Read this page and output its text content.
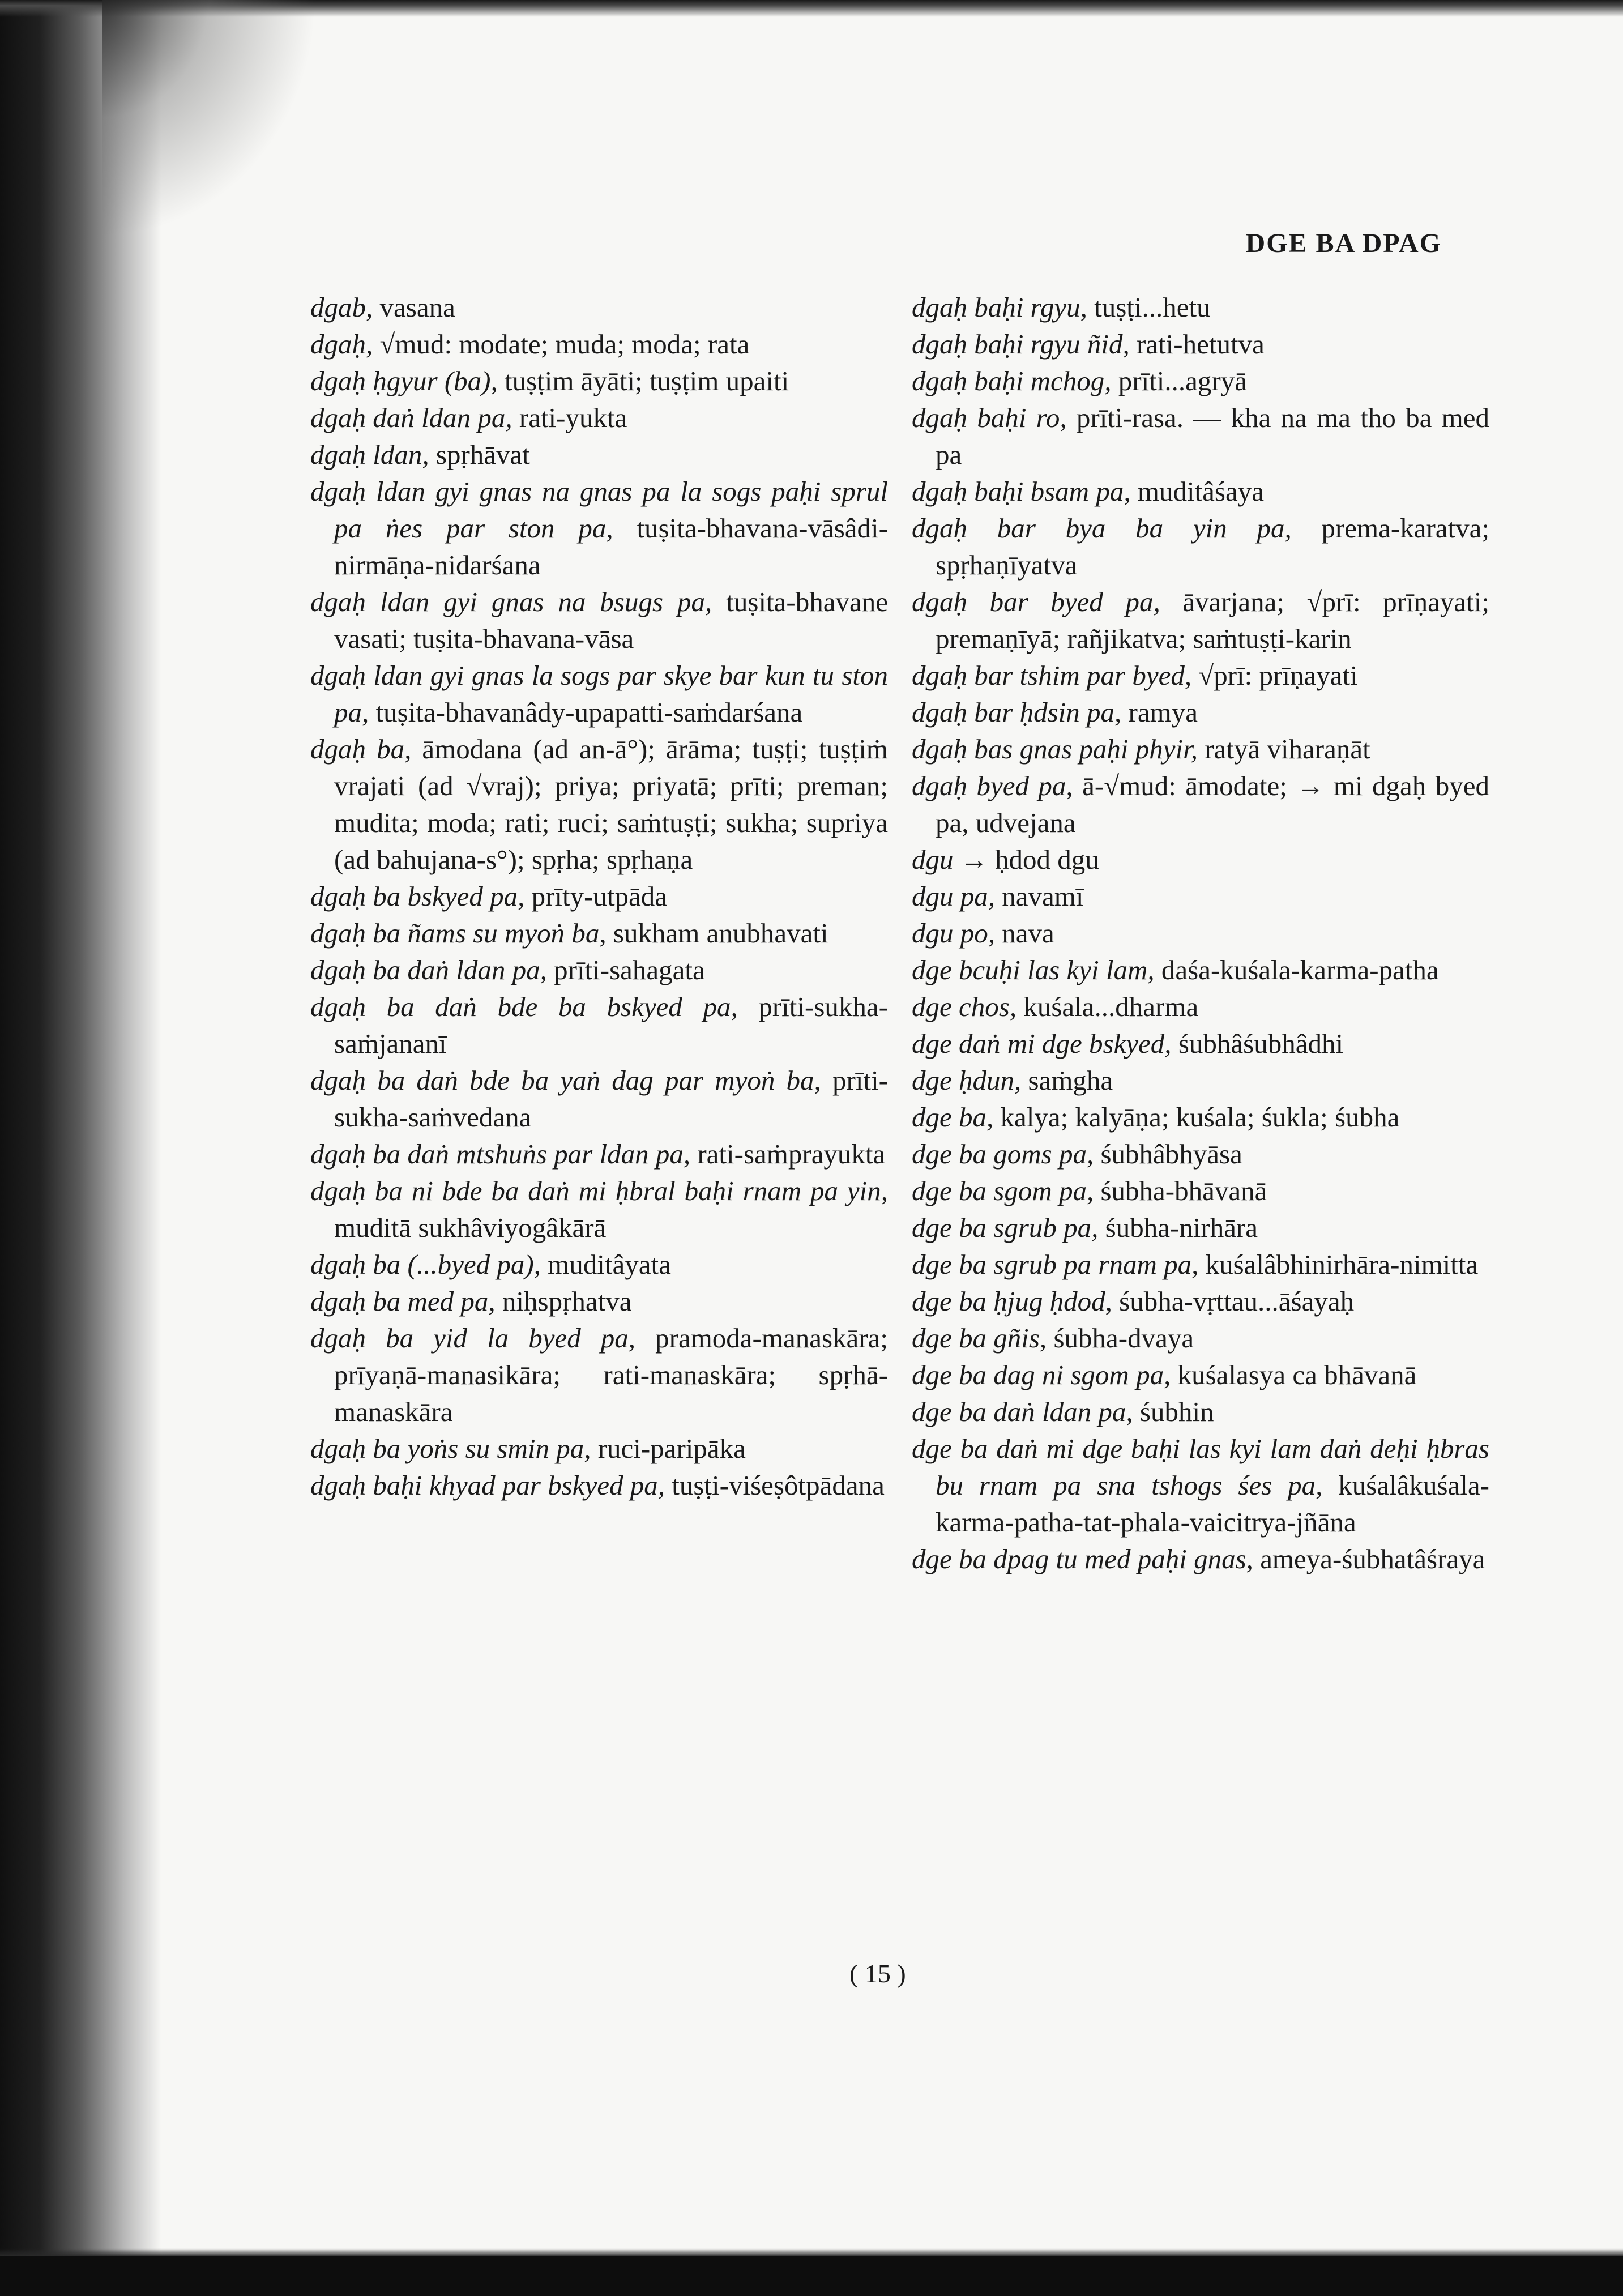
DGE BA DPAG

dgab, vasana

dgaḥ, √mud: modate; muda; moda; rata

dgaḥ ḥgyur (ba), tuṣṭim āyāti; tuṣṭim upaiti

dgaḥ daṅ ldan pa, rati-yukta

dgaḥ ldan, spṛhāvat

dgaḥ ldan gyi gnas na gnas pa la sogs paḥi sprul pa ṅes par ston pa, tuṣita-bhavana-vāsâdi-nirmāṇa-nidarśana

dgaḥ ldan gyi gnas na bsugs pa, tuṣita-bhavane vasati; tuṣita-bhavana-vāsa

dgaḥ ldan gyi gnas la sogs par skye bar kun tu ston pa, tuṣita-bhavanâdy-upapatti-saṁdarśana

dgaḥ ba, āmodana (ad an-ā°); ārāma; tuṣṭi; tuṣṭiṁ vrajati (ad √vraj); priya; priyatā; prīti; preman; mudita; moda; rati; ruci; saṁtuṣṭi; sukha; supriya (ad bahujana-s°); spṛha; spṛhaṇa

dgaḥ ba bskyed pa, prīty-utpāda

dgaḥ ba ñams su myoṅ ba, sukham anubhavati

dgaḥ ba daṅ ldan pa, prīti-sahagata

dgaḥ ba daṅ bde ba bskyed pa, prīti-sukha-saṁjananī

dgaḥ ba daṅ bde ba yaṅ dag par myoṅ ba, prīti-sukha-saṁvedana

dgaḥ ba daṅ mtshuṅs par ldan pa, rati-saṁprayukta

dgaḥ ba ni bde ba daṅ mi ḥbral baḥi rnam pa yin, muditā sukhâviyogâkārā

dgaḥ ba (...byed pa), muditâyata

dgaḥ ba med pa, niḥspṛhatva

dgaḥ ba yid la byed pa, pramoda-manaskāra; prīyaṇā-manasikāra; rati-manaskāra; spṛhā-manaskāra

dgaḥ ba yoṅs su smin pa, ruci-paripāka

dgaḥ baḥi khyad par bskyed pa, tuṣṭi-viśeṣôtpādana

dgaḥ baḥi rgyu, tuṣṭi...hetu

dgaḥ baḥi rgyu ñid, rati-hetutva

dgaḥ baḥi mchog, prīti...agryā

dgaḥ baḥi ro, prīti-rasa. — kha na ma tho ba med pa

dgaḥ baḥi bsam pa, muditâśaya

dgaḥ bar bya ba yin pa, prema-karatva; spṛhaṇīyatva

dgaḥ bar byed pa, āvarjana; √prī: prīṇayati; premaṇīyā; rañjikatva; saṁtuṣṭi-karin

dgaḥ bar tshim par byed, √prī: prīṇayati

dgaḥ bar ḥdsin pa, ramya

dgaḥ bas gnas paḥi phyir, ratyā viharaṇāt

dgaḥ byed pa, ā-√mud: āmodate; → mi dgaḥ byed pa, udvejana

dgu → ḥdod dgu

dgu pa, navamī

dgu po, nava

dge bcuḥi las kyi lam, daśa-kuśala-karma-patha

dge chos, kuśala...dharma

dge daṅ mi dge bskyed, śubhâśubhâdhi

dge ḥdun, saṁgha

dge ba, kalya; kalyāṇa; kuśala; śukla; śubha

dge ba goms pa, śubhâbhyāsa

dge ba sgom pa, śubha-bhāvanā

dge ba sgrub pa, śubha-nirhāra

dge ba sgrub pa rnam pa, kuśalâbhinirhāra-nimitta

dge ba ḥjug ḥdod, śubha-vṛttau...āśayaḥ

dge ba gñis, śubha-dvaya

dge ba dag ni sgom pa, kuśalasya ca bhāvanā

dge ba daṅ ldan pa, śubhin

dge ba daṅ mi dge baḥi las kyi lam daṅ deḥi ḥbras bu rnam pa sna tshogs śes pa, kuśalâkuśala-karma-patha-tat-phala-vaicitrya-jñāna

dge ba dpag tu med paḥi gnas, ameya-śubhatâśraya

( 15 )
